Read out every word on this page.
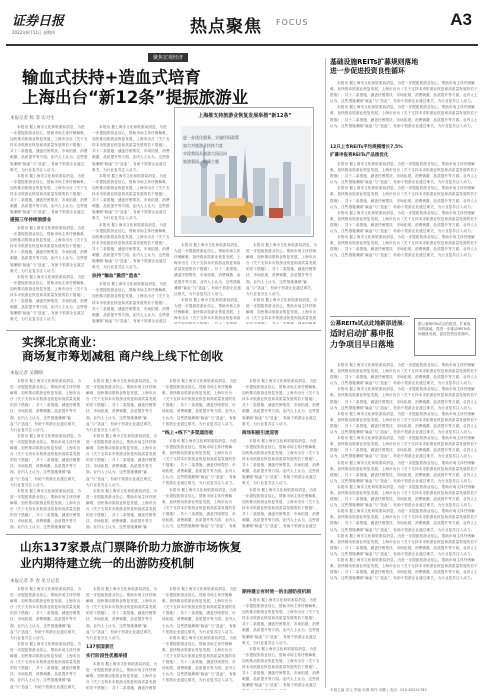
证券日报
2022年8月11日 星期四	热点聚焦 FOCUS	A3
聚焦宏观经济
输血式扶持+造血式培育
上海出台“新12条”提振旅游业
本报记者 杨 菲 实习生

本报讯 据上海市文化和旅游局消息，为进一步提振旅游业信心，帮助市场主体纾困解难，加快推动旅游业恢复发展，上海市出台《关于支持本市旅游业恢复和高质量发展的若干措施》，共十二条措施，涵盖纾困帮扶、市场拓展、消费刺激、品质提升等方面。业内人士认为，这些措施兼顾“输血”与“造血”，有助于旅游企业渡过难关，为行业复苏注入动力。

本报讯 据上海市文化和旅游局消息，为进一步提振旅游业信心，帮助市场主体纾困解难，加快推动旅游业恢复发展，上海市出台《关于支持本市旅游业恢复和高质量发展的若干措施》，共十二条措施，涵盖纾困帮扶、市场拓展、消费刺激、品质提升等方面。业内人士认为，这些措施兼顾“输血”与“造血”，有助于旅游企业渡过

提振三年持续旅游业

本报讯 据上海市文化和旅游局消息，为进一步提振旅游业信心，帮助市场主体纾困解难，加快推动旅游业恢复发展，上海市出台《关于支持本市旅游业恢复和高质量发展的若干措施》，共十二条措施，涵盖纾困帮扶、市场拓展、消费刺激、品质提升等方面。业内人士认为，这些措施兼顾“输血”与“造血”，有助于旅游企业渡过难关，为行业复苏注入动力。

本报讯 据上海市文化和旅游局消息，为进一步提振旅游业信心，帮助市场主体纾困解难，加快推动旅游业恢复发展，上海市出台《关于支持本市旅游业恢复和高质量发展的若干措施》，共十二条措施，涵盖纾困帮扶、市场拓展、消费刺激、品质提升等方面。业内人士认为，这些措施兼顾“输血”与“造血”，有助于旅游企业渡过难关，为行业复苏注入动力。

本报讯 据上海市文化和旅游局消息，为进一步提振旅游业信心，帮助市场主体纾困解难，加快推动旅游业恢复发展，上海市出台《关于支持本市旅游业恢复和高质量发展的若干措施》，共十二条措施，涵盖纾困帮扶、市场拓展、消费刺激、品质提升等方面。业内人士认为，这些措施兼顾“输血”与“造血”，有助于旅游企业渡过难关，为行业复苏注入动力。

本报讯 据上海市文化和旅游局消息，为进一步提振旅游业信心，帮助市场主体纾困解难，加快推动旅游业恢复发展，上海市出台《关于支持本市旅游业恢复和高质量发展的若干措施》，共十二条措施，涵盖纾困帮扶、市场拓展、消费刺激、品质提升等方面。业内人士认为，这些措施兼顾“输血”与“造血”，有助于旅游企业渡过难关，为行业复苏注入动力。

本报讯 据上海市文化和旅游局消息，为进一步提振旅游业信心，帮助市场主体纾困解难，加快推动旅游业恢复发展，上海市出台《关于支持本市旅游业恢复和高质量发展的若干措施》，共十二条措施，涵盖纾困帮扶、市场拓展、消费刺激、品质提升等方面。业内人士认为，这些措施兼顾“输血”与“造血”，有助于旅游企业渡过难关，为行业复苏注入动力。

扶持“输血”激活“造血”

本报讯 据上海市文化和旅游局消息，为进一步提振旅游业信心，帮助市场主体纾困解难，加快推动旅游业恢复发展，上海市出台《关于支持本市旅游业恢复和高质量发展的若干措施》，共十二条措施，涵盖纾困帮扶、市场拓展、消费刺激、品质提升等方面。业内人士认为，这些措施兼顾“输血”与“造血”，有助于旅游企业渡过

上海推支持旅游业恢复发展举措“新12条”
进一步优化服务、实施纾困政策
加大对旅游业扶持力度
实现我国从旅游大国迈向
旅游强国，明确主题

本报讯 据上海市文化和旅游局消息，为进一步提振旅游业信心，帮助市场主体纾困解难，加快推动旅游业恢复发展，上海市出台《关于支持本市旅游业恢复和高质量发展的若干措施》，共十二条措施，涵盖纾困帮扶、市场拓展、消费刺激、品质提升等方面。业内人士认为，这些措施兼顾“输血”与“造血”，有助于旅游企业渡过难关，为行业复苏注入动力。

本报讯 据上海市文化和旅游局消息，为进一步提振旅游业信心，帮助市场主体纾困解难，加快推动旅游业恢复发展，上海市出台《关于支持本市旅游业恢复和高

本报讯 据上海市文化和旅游局消息，为进一步提振旅游业信心，帮助市场主体纾困解难，加快推动旅游业恢复发展，上海市出台《关于支持本市旅游业恢复和高质量发展的若干措施》，共十二条措施，涵盖纾困帮扶、市场拓展、消费刺激、品质提升等方面。业内人士认为，这些措施兼顾“输血”与“造血”，有助于旅游企业渡过难关，为行业复苏注入动力。

本报讯 据上海市文化和旅游局消息，为进一步提振旅游业信心，帮助市场主体纾困解难，加快推动旅游业恢复发展，上海市出台《关于支持本市旅游业恢复和高质量发展

基础设施REITs扩募规则落地
进一步促进投资良性循环

本报讯 据上海市文化和旅游局消息，为进一步提振旅游业信心，帮助市场主体纾困解难，加快推动旅游业恢复发展，上海市出台《关于支持本市旅游业恢复和高质量发展的若干措施》，共十二条措施，涵盖纾困帮扶、市场拓展、消费刺激、品质提升等方面。业内人士认为，这些措施兼顾“输血”与“造血”，有助于旅游企业渡过难关，为行业复苏注入动力。

本报讯 据上海市文化和旅游局消息，为进一步提振旅游业信心，帮助市场主体纾困解难，加快推动旅游业恢复发展，上海市出台《关于支持本市旅游业恢复和高质量发展的若干措施》，共十二条措施，涵盖纾困帮扶、市场拓展、消费刺激、品质提升等方面。业内人士认为，这些措施兼顾“输血”与“造血”，有助于旅游企业渡过难关，为行业复苏注入动力。

12只上市REITs平均规模增长7.5%
扩募申报将REITs产品推优化

本报讯 据上海市文化和旅游局消息，为进一步提振旅游业信心，帮助市场主体纾困解难，加快推动旅游业恢复发展，上海市出台《关于支持本市旅游业恢复和高质量发展的若干措施》，共十二条措施，涵盖纾困帮扶、市场拓展、消费刺激、品质提升等方面。业内人士认为，这些措施兼顾“输血”与“造血”，有助于旅游企业渡过难关，为行业复苏注入动力。

本报讯 据上海市文化和旅游局消息，为进一步提振旅游业信心，帮助市场主体纾困解难，加快推动旅游业恢复发展，上海市出台《关于支持本市旅游业恢复和高质量发展的若干措施》，共十二条措施，涵盖纾困帮扶、市场拓展、消费刺激、品质提升等方面。业内人士认为，这些措施兼顾“输血”与“造血”，有助于旅游企业渡过难关，为行业复苏注入动力。

本报讯 据上海市文化和旅游局消息，为进一步提振旅游业信心，帮助市场主体纾困解难，加快推动旅游业恢复发展，上海市出台《关于支持本市旅游业恢复和高质量发展的若干措施》，共十二条措施，涵盖纾困帮扶、市场拓展、消费刺激、品质提升等方面。业内人士认为，这些措施兼顾“输血”与“造血”，有助于旅游企业渡过难关，为行业复苏注入动力。

本报讯 据上海市文化和旅游局消息，为进一步提振旅游业信心，帮助市场主体纾困解难，加快推动旅游业恢复发展，上海市出台《关于支持本市旅游业恢复和高质量发展的若干措施》，共十二条措施，涵盖纾困帮扶、市场拓展、消费刺激、品质提升等方面。业内人士认为，这些措施兼顾“输血”与“造血”，有助于旅游企业渡过难关，为行业复苏注入动力。

公募REITs试点此地新添进展：
适时启动扩募申报
力争项目早日落地

据公募REITs试点的推进，扩募规则的落地，将进一步推动REITs市场健康发展，促进投资良性循环。

本报讯 据上海市文化和旅游局消息，为进一步提振旅游业信心，帮助市场主体纾困解难，加快推动旅游业恢复发展，上海市出台《关于支持本市旅游业恢复和高质量发展的若干措施》，共十二条措施，涵盖纾困帮扶、市场拓展、消费刺激、品质提升等方面。业内人士认为，这些措施兼顾“输血”与“造血”，有助于旅游企业渡过难关，为行业复苏注入动力。

本报讯 据上海市文化和旅游局消息，为进一步提振旅游业信心，帮助市场主体纾困解难，加快推动旅游业恢复发展，上海市出台《关于支持本市旅游业恢复和高质量发展的若干措施》，共十二条措施，涵盖纾困帮扶、市场拓展、消费刺激、品质提升等方面。业内人士认为，这些措施兼顾“输血”与“造血”，有助于旅游企业渡过难关，为行业复苏注入动力。

本报讯 据上海市文化和旅游局消息，为进一步提振旅游业信心，帮助市场主体纾困解难，加快推动旅游业恢复发展，上海市出台《关于支持本市旅游业恢复和高质量发展的若干措施》，共十二条措施，涵盖纾困帮扶、市场拓展、消费刺激、品质提升等方面。业内人士认为，这些措施兼顾“输血”与“造血”，有助于旅游企业渡过难关，为行业复苏注入动力。

本报讯 据上海市文化和旅游局消息，为进一步提振旅游业信心，帮助市场主体纾困解难，加快推动旅游业恢复发展，上海市出台《关于支持本市旅游业恢复和高质量发展的若干措施》，共十二条措施，涵盖纾困帮扶、市场拓展、消费刺激、品质提升等方面。业内人士认为，这些措施兼顾“输血”与“造血”，有助于旅游企业渡过难关，为行业复苏注入动力。

本报讯 据上海市文化和旅游局消息，为进一步提振旅游业信心，帮助市场主体纾困解难，加快推动旅游业恢复发展，上海市出台《关于支持本市旅游业恢复和高质量发展的若干措施》，共十二条措施，涵盖纾困帮扶、市场拓展、消费刺激、品质提升等方面。业内人士认为，这些措施兼顾“输血”与“造血”，有助于旅游企业渡过难关，为行业复苏注入动力。

本报讯 据上海市文化和旅游局消息，为进一步提振旅游业信心，帮助市场主体纾困解难，加快推动旅游业恢复发展，上海市出台《关于支持本市旅游业恢复和高质量发展的若干措施》，共十二条措施，涵盖纾困帮扶、市场拓展、消费刺激、品质提升等方面。业内人士认为，这些措施兼顾“输血”与“造血”，有助于旅游企业渡过难关，为行业复苏注入动力。

本报讯 据上海市文化和旅游局消息，为进一步提振旅游业信心，帮助市场主体纾困解难，加快推动旅游业恢复发展，上海市出台《关于支持本市旅游业恢复和高质量发展的若干措施》，共十二条措施，涵盖纾困帮扶、市场拓展、消费刺激、品质提升等方面。业内人士认为，这些措施兼顾“输血”与“造血”，有助于旅游企业渡过难关，为行业复苏注入动力。

本报讯 据上海市文化和旅游局消息，为进一步提振旅游业信心，帮助市场主体纾困解难，加快推动旅游业恢复发展，上海市出台《关于支持本市旅游业恢复和高质量发展的若干措施》，共十二条措施，涵盖纾困帮扶、市场拓展、消费刺激、品质提升等方面。业内人士认为，这些措施兼顾“输血”与“造血”，有助于旅游企业渡过难关，为行业复苏注入动力。

本报讯 据上海市文化和旅游局消息，为进一步提振旅游业信心，帮助市场主体纾困解难，加快推动旅游业恢复发展，上海市出台《关于支持本市旅游业恢复和高质量发展的若干措施》，共十二条措施，涵盖纾困帮扶、市场拓展、消费刺激、品质提升等方面。业内人士认为，这些措施兼顾“输血”与“造血”，有助于旅游企业渡过难关，为行业复苏注入动力。

本版主编 袁元 责编 吴珊 制作 刘雄 | 电话：010-83251785
实探北京商业：
商场复市筹划减租 商户线上线下忙创收
本报记者 吴晓晴

本报讯 据上海市文化和旅游局消息，为进一步提振旅游业信心，帮助市场主体纾困解难，加快推动旅游业恢复发展，上海市出台《关于支持本市旅游业恢复和高质量发展的若干措施》，共十二条措施，涵盖纾困帮扶、市场拓展、消费刺激、品质提升等方面。业内人士认为，这些措施兼顾“输血”与“造血”，有助于旅游企业渡过难关，为行业复苏注入动力。

本报讯 据上海市文化和旅游局消息，为进一步提振旅游业信心，帮助市场主体纾困解难，加快推动旅游业恢复发展，上海市出台《关于支持本市旅游业恢复和高质量发展的若干措施》，共十二条措施，涵盖纾困帮扶、市场拓展、消费刺激、品质提升等方面。业内人士认为，这些措施兼顾“输血”与“造血”，有助于旅游企业渡过难关，为行业复苏注入动力。

本报讯 据上海市文化和旅游局消息，为进一步提振旅游业信心，帮助市场主体纾困解难，加快推动旅游业恢复发展，上海市出台《关于支持本市旅游业恢复和高质量发展的若干措施》，共十二条措施，涵盖纾困帮扶、市场拓展、消费刺激、品质提升等方面。业内人士认为，这些措施兼顾“输

本报讯 据上海市文化和旅游局消息，为进一步提振旅游业信心，帮助市场主体纾困解难，加快推动旅游业恢复发展，上海市出台《关于支持本市旅游业恢复和高质量发展的若干措施》，共十二条措施，涵盖纾困帮扶、市场拓展、消费刺激、品质提升等方面。业内人士认为，这些措施兼顾“输血”与“造血”，有助于旅游企业渡过难关，为行业复苏注入动力。

本报讯 据上海市文化和旅游局消息，为进一步提振旅游业信心，帮助市场主体纾困解难，加快推动旅游业恢复发展，上海市出台《关于支持本市旅游业恢复和高质量发展的若干措施》，共十二条措施，涵盖纾困帮扶、市场拓展、消费刺激、品质提升等方面。业内人士认为，这些措施兼顾“输血”与“造血”，有助于旅游企业渡过难关，为行业复苏注入动力。

本报讯 据上海市文化和旅游局消息，为进一步提振旅游业信心，帮助市场主体纾困解难，加快推动旅游业恢复发展，上海市出台《关于支持本市旅游业恢复和高质量发展的若干措施》，共十二条措施，涵盖纾困帮扶、市场拓展、消费刺激、品质提升等方面。业内人士认为，这些措施兼顾“输

本报讯 据上海市文化和旅游局消息，为进一步提振旅游业信心，帮助市场主体纾困解难，加快推动旅游业恢复发展，上海市出台《关于支持本市旅游业恢复和高质量发展的若干措施》，共十二条措施，涵盖纾困帮扶、市场拓展、消费刺激、品质提升等方面。业内人士认为，这些措施兼顾“输血”与“造血”，有助于旅游企业渡过难关，为行业复苏注入动力。

“线上+线下”多渠道创收

本报讯 据上海市文化和旅游局消息，为进一步提振旅游业信心，帮助市场主体纾困解难，加快推动旅游业恢复发展，上海市出台《关于支持本市旅游业恢复和高质量发展的若干措施》，共十二条措施，涵盖纾困帮扶、市场拓展、消费刺激、品质提升等方面。业内人士认为，这些措施兼顾“输血”与“造血”，有助于旅游企业渡过难关，为行业复苏注入动力。

本报讯 据上海市文化和旅游局消息，为进一步提振旅游业信心，帮助市场主体纾困解难，加快推动旅游业恢复发展，上海市出台《关于支持本市旅游业恢复和高质量发展的若干措施》，共十二条措施，涵盖纾困帮扶、市场拓展、消费刺激、品质提升等方面。业内人士认为，这些措施兼顾“输血”与“造血”，有助

本报讯 据上海市文化和旅游局消息，为进一步提振旅游业信心，帮助市场主体纾困解难，加快推动旅游业恢复发展，上海市出台《关于支持本市旅游业恢复和高质量发展的若干措施》，共十二条措施，涵盖纾困帮扶、市场拓展、消费刺激、品质提升等方面。业内人士认为，这些措施兼顾“输血”与“造血”，有助于旅游企业渡过难关，为行业复苏注入动力。

商场积极引流迎客

本报讯 据上海市文化和旅游局消息，为进一步提振旅游业信心，帮助市场主体纾困解难，加快推动旅游业恢复发展，上海市出台《关于支持本市旅游业恢复和高质量发展的若干措施》，共十二条措施，涵盖纾困帮扶、市场拓展、消费刺激、品质提升等方面。业内人士认为，这些措施兼顾“输血”与“造血”，有助于旅游企业渡过难关，为行业复苏注入动力。

本报讯 据上海市文化和旅游局消息，为进一步提振旅游业信心，帮助市场主体纾困解难，加快推动旅游业恢复发展，上海市出台《关于支持本市旅游业恢复和高质量发展的若干措施》，共十二条措施，涵盖纾困帮扶、市场拓展、消费刺激、品质提升等方面。业内人士认为，这些措施兼顾“输血”与“造血”，有助于旅游企业渡过

山东137家景点门票降价助力旅游市场恢复
业内期待建立统一的出游防疫机制
本报记者 李 春 见习记者

本报讯 据上海市文化和旅游局消息，为进一步提振旅游业信心，帮助市场主体纾困解难，加快推动旅游业恢复发展，上海市出台《关于支持本市旅游业恢复和高质量发展的若干措施》，共十二条措施，涵盖纾困帮扶、市场拓展、消费刺激、品质提升等方面。业内人士认为，这些措施兼顾“输血”与“造血”，有助于旅游企业渡过难关，为行业复苏注入动力。

本报讯 据上海市文化和旅游局消息，为进一步提振旅游业信心，帮助市场主体纾困解难，加快推动旅游业恢复发展，上海市出台《关于支持本市旅游业恢复和高质量发展的若干措施》，共十二条措施，涵盖纾困帮扶、市场拓展、消费刺激、品质提升等方面。业内人士认为，这些措施兼顾“输血”与“造血”，有助于旅游企业渡过难关，

本报讯 据上海市文化和旅游局消息，为进一步提振旅游业信心，帮助市场主体纾困解难，加快推动旅游业恢复发展，上海市出台《关于支持本市旅游业恢复和高质量发展的若干措施》，共十二条措施，涵盖纾困帮扶、市场拓展、消费刺激、品质提升等方面。业内人士认为，这些措施兼顾“输血”与“造血”，有助于旅游企业渡过难关，为行业复苏注入动力。

137家国景区
实行阶段性优惠举措

本报讯 据上海市文化和旅游局消息，为进一步提振旅游业信心，帮助市场主体纾困解难，加快推动旅游业恢复发展，上海市出台《关于支持本市旅游业恢复和高质量发展的若干措施》，共十二条措施，涵盖纾困帮

本报讯 据上海市文化和旅游局消息，为进一步提振旅游业信心，帮助市场主体纾困解难，加快推动旅游业恢复发展，上海市出台《关于支持本市旅游业恢复和高质量发展的若干措施》，共十二条措施，涵盖纾困帮扶、市场拓展、消费刺激、品质提升等方面。业内人士认为，这些措施兼顾“输血”与“造血”，有助于旅游企业渡过难关，为行业复苏注入动力。

本报讯 据上海市文化和旅游局消息，为进一步提振旅游业信心，帮助市场主体纾困解难，加快推动旅游业恢复发展，上海市出台《关于支持本市旅游业恢复和高质量发展的若干措施》，共十二条措施，涵盖纾困帮扶、市场拓展、消费刺激、品质提升等方面。业内人士认为，这些措施兼顾“输血”与“造血”，有助于旅游企业渡过难关，为行业复苏注入动力。

期待建立有时效一的出游防疫机制

本报讯 据上海市文化和旅游局消息，为进一步提振旅游业信心，帮助市场主体纾困解难，加快推动旅游业恢复发展，上海市出台《关于支持本市旅游业恢复和高质量发展的若干措施》，共十二条措施，涵盖纾困帮扶、市场拓展、消费刺激、品质提升等方面。业内人士认为，这些措施兼顾“输血”与“造血”，有助于旅游企业渡过难关，为行业复苏注入动力。

本报讯 据上海市文化和旅游局消息，为进一步提振旅游业信心，帮助市场主体纾困解难，加快推动旅游业恢复发展，上海市出台《关于支持本市旅游业恢复和高质量发展的若干措施》，共十二条措施，涵盖纾困帮扶、市场拓展、消费刺激、品质提升等方面。业内人士认为，这些措施兼顾“输血”与“造血”，有助于旅游企业渡过
